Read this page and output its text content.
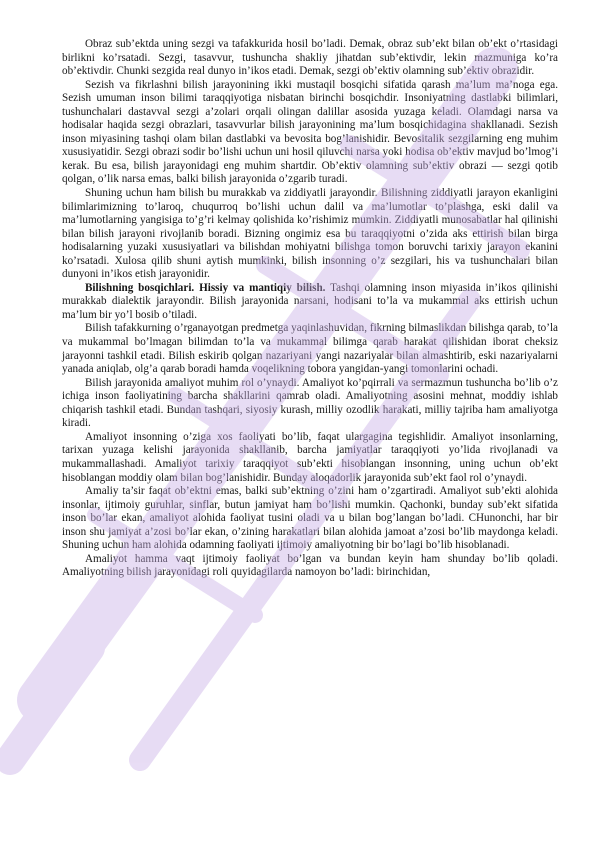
Obraz sub’ektda uning sezgi va tafakkurida hosil bo’ladi. Demak, obraz sub’ekt bilan ob’ekt o’rtasidagi birlikni ko’rsatadi. Sezgi, tasavvur, tushuncha shakliy jihatdan sub’ektivdir, lekin mazmuniga ko’ra ob’ektivdir. Chunki sezgida real dunyo in’ikos etadi. Demak, sezgi ob’ektiv olamning sub’ektiv obrazidir.

Sezish va fikrlashni bilish jarayonining ikki mustaqil bosqichi sifatida qarash ma’lum ma’noga ega. Sezish umuman inson bilimi taraqqiyotiga nisbatan birinchi bosqichdir. Insoniyatning dastlabki bilimlari, tushunchalari dastavval sezgi a’zolari orqali olingan dalillar asosida yuzaga keladi. Olamdagi narsa va hodisalar haqida sezgi obrazlari, tasavvurlar bilish jarayonining ma’lum bosqichidagina shakllanadi. Sezish inson miyasining tashqi olam bilan dastlabki va bevosita bog’lanishidir. Bevositalik sezgilarning eng muhim xususiyatidir. Sezgi obrazi sodir bo’lishi uchun uni hosil qiluvchi narsa yoki hodisa ob’ektiv mavjud bo’lmog’i kerak. Bu esa, bilish jarayonidagi eng muhim shartdir. Ob’ektiv olamning sub’ektiv obrazi — sezgi qotib qolgan, o’lik narsa emas, balki bilish jarayonida o’zgarib turadi.

Shuning uchun ham bilish bu murakkab va ziddiyatli jarayondir. Bilishning ziddiyatli jarayon ekanligini bilimlarimizning to’laroq, chuqurroq bo’lishi uchun dalil va ma’lumotlar to’plashga, eski dalil va ma’lumotlarning yangisiga to’g’ri kelmay qolishida ko’rishimiz mumkin. Ziddiyatli munosabatlar hal qilinishi bilan bilish jarayoni rivojlanib boradi. Bizning ongimiz esa bu taraqqiyotni o’zida aks ettirish bilan birga hodisalarning yuzaki xususiyatlari va bilishdan mohiyatni bilishga tomon boruvchi tarixiy jarayon ekanini ko’rsatadi. Xulosa qilib shuni aytish mumkinki, bilish insonning o’z sezgilari, his va tushunchalari bilan dunyoni in’ikos etish jarayonidir.

Bilishning bosqichlari. Hissiy va mantiqiy bilish. Tashqi olamning inson miyasida in’ikos qilinishi murakkab dialektik jarayondir. Bilish jarayonida narsani, hodisani to’la va mukammal aks ettirish uchun ma’lum bir yo’l bosib o’tiladi.

Bilish tafakkurning o’rganayotgan predmetga yaqinlashuvidan, fikrning bilmaslikdan bilishga qarab, to’la va mukammal bo’lmagan bilimdan to’la va mukammal bilimga qarab harakat qilishidan iborat cheksiz jarayonni tashkil etadi. Bilish eskirib qolgan nazariyani yangi nazariyalar bilan almashtirib, eski nazariyalarni yanada aniqlab, olg’a qarab boradi hamda voqelikning tobora yangidan-yangi tomonlarini ochadi.

Bilish jarayonida amaliyot muhim rol o’ynaydi. Amaliyot ko’pqirrali va sermazmun tushuncha bo’lib o’z ichiga inson faoliyatining barcha shakllarini qamrab oladi. Amaliyotning asosini mehnat, moddiy ishlab chiqarish tashkil etadi. Bundan tashqari, siyosiy kurash, milliy ozodlik harakati, milliy tajriba ham amaliyotga kiradi.

Amaliyot insonning o’ziga xos faoliyati bo’lib, faqat ulargagina tegishlidir. Amaliyot insonlarning, tarixan yuzaga kelishi jarayonida shakllanib, barcha jamiyatlar taraqqiyoti yo’lida rivojlanadi va mukammallashadi. Amaliyot tarixiy taraqqiyot sub’ekti hisoblangan insonning, uning uchun ob’ekt hisoblangan moddiy olam bilan bog’lanishidir. Bunday aloqadorlik jarayonida sub’ekt faol rol o’ynaydi.

Amaliy ta’sir faqat ob’ektni emas, balki sub’ektning o’zini ham o’zgartiradi. Amaliyot sub’ekti alohida insonlar, ijtimoiy guruhlar, sinflar, butun jamiyat ham bo’lishi mumkin. Qachonki, bunday sub’ekt sifatida inson bo’lar ekan, amaliyot alohida faoliyat tusini oladi va u bilan bog’langan bo’ladi. CHunonchi, har bir inson shu jamiyat a’zosi bo’lar ekan, o’zining harakatlari bilan alohida jamoat a’zosi bo’lib maydonga keladi. Shuning uchun ham alohida odamning faoliyati ijtimoiy amaliyotning bir bo’lagi bo’lib hisoblanadi.

Amaliyot hamma vaqt ijtimoiy faoliyat bo’lgan va bundan keyin ham shunday bo’lib qoladi. Amaliyotning bilish jarayonidagi roli quyidagilarda namoyon bo’ladi: birinchidan,
